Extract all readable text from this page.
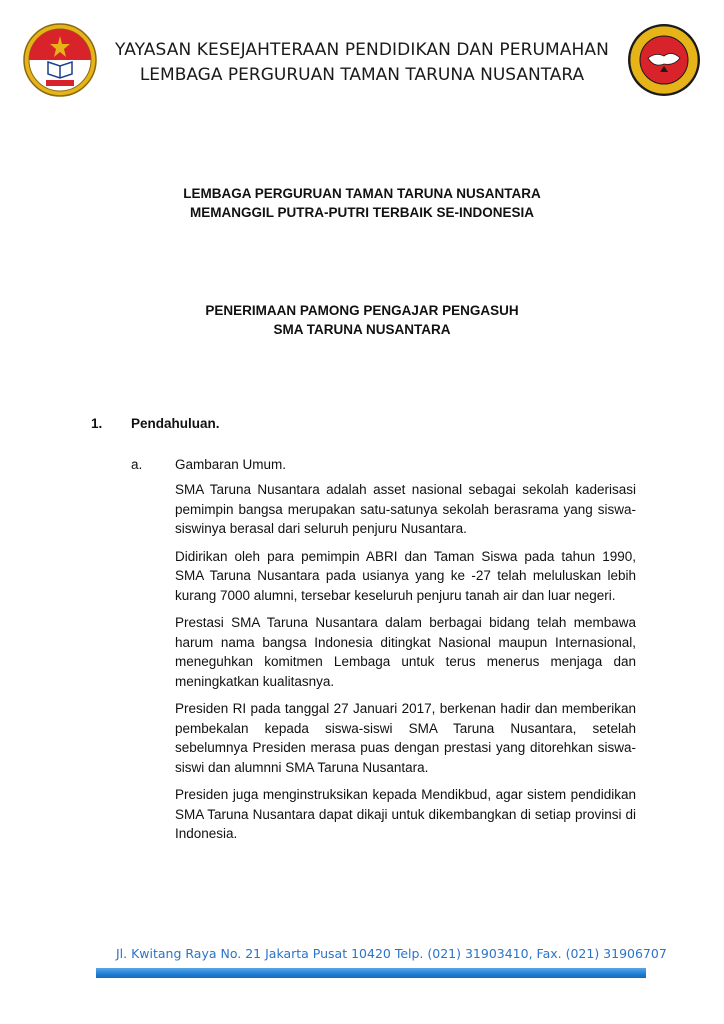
YAYASAN KESEJAHTERAAN PENDIDIKAN DAN PERUMAHAN
LEMBAGA PERGURUAN TAMAN TARUNA NUSANTARA
LEMBAGA PERGURUAN TAMAN TARUNA NUSANTARA
MEMANGGIL PUTRA-PUTRI TERBAIK SE-INDONESIA
PENERIMAAN PAMONG PENGAJAR PENGASUH
SMA TARUNA NUSANTARA
1. Pendahuluan.
a. Gambaran Umum.

SMA Taruna Nusantara adalah asset nasional sebagai sekolah kaderisasi pemimpin bangsa merupakan satu-satunya sekolah berasrama yang siswa-siswinya berasal dari seluruh penjuru Nusantara.

Didirikan oleh para pemimpin ABRI dan Taman Siswa pada tahun 1990, SMA Taruna Nusantara pada usianya yang ke -27 telah meluluskan lebih kurang 7000 alumni, tersebar keseluruh penjuru tanah air dan luar negeri.

Prestasi SMA Taruna Nusantara dalam berbagai bidang telah membawa harum nama bangsa Indonesia ditingkat Nasional maupun Internasional, meneguhkan komitmen Lembaga untuk terus menerus menjaga dan meningkatkan kualitasnya.

Presiden RI pada tanggal 27 Januari 2017, berkenan hadir dan memberikan pembekalan kepada siswa-siswi SMA Taruna Nusantara, setelah sebelumnya Presiden merasa puas dengan prestasi yang ditorehkan siswa-siswi dan alumnni SMA Taruna Nusantara.

Presiden juga menginstruksikan kepada Mendikbud, agar sistem pendidikan SMA Taruna Nusantara dapat dikaji untuk dikembangkan di setiap provinsi di Indonesia.

Jl. Kwitang Raya No. 21 Jakarta Pusat 10420 Telp. (021) 31903410, Fax. (021) 31906707
